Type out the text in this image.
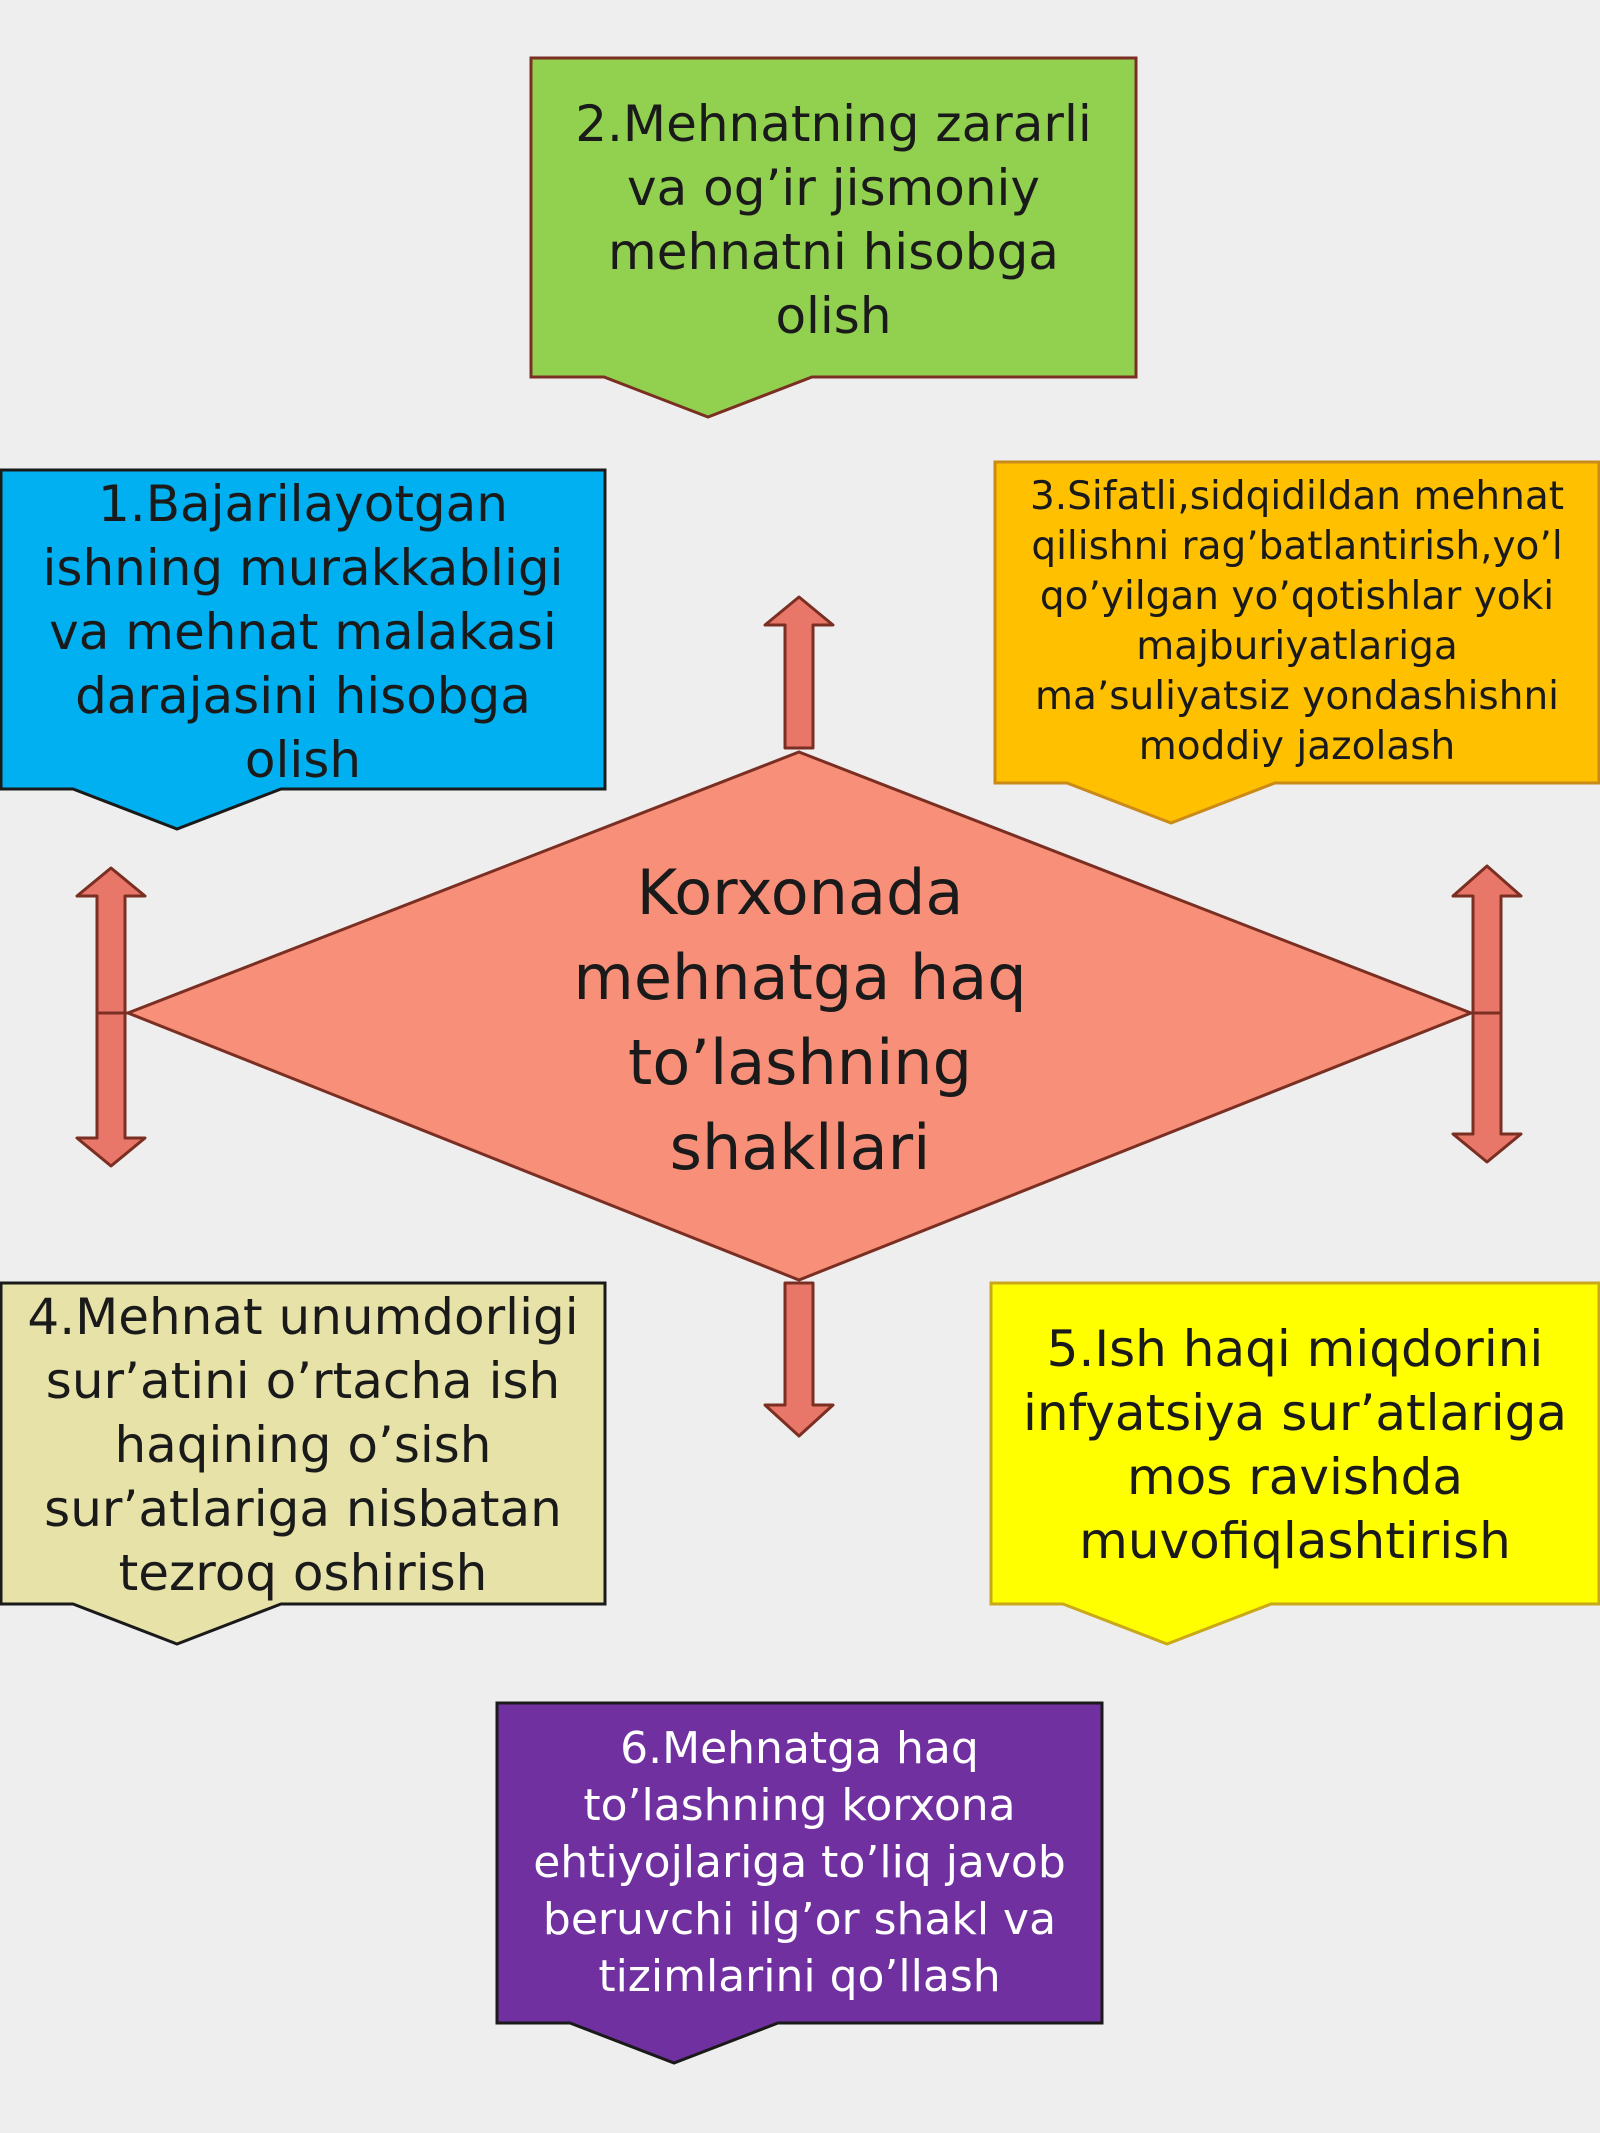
2.Mehnatning zararli
va og’ir jismoniy
mehnatni hisobga
olish
1.Bajarilayotgan
ishning murakkabligi
va mehnat malakasi
darajasini hisobga
olish
3.Sifatli,sidqidildan mehnat
qilishni rag’batlantirish,yo’l
qo’yilgan yo’qotishlar yoki
majburiyatlariga
ma’suliyatsiz yondashishni
moddiy jazolash
4.Mehnat unumdorligi
sur’atini o’rtacha ish
haqining o’sish
sur’atlariga nisbatan
tezroq oshirish
5.Ish haqi miqdorini
infyatsiya sur’atlariga
mos ravishda
muvofiqlashtirish
6.Mehnatga haq
to’lashning korxona
ehtiyojlariga to’liq javob
beruvchi ilg’or shakl va
tizimlarini qo’llash
Korxonada
mehnatga haq
to’lashning
shakllari
